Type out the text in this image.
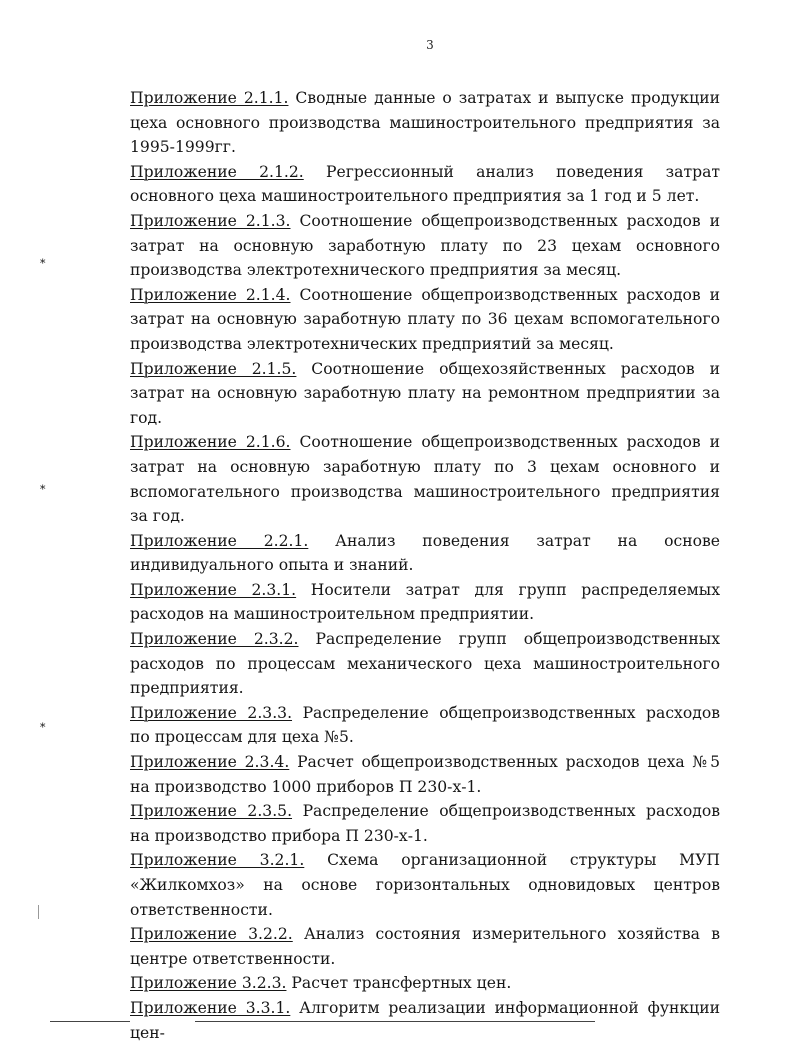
3

Приложение 2.1.1. Сводные данные о затратах и выпуске продукции цеха основного производства машиностроительного предприятия за 1995-1999гг.

Приложение 2.1.2. Регрессионный анализ поведения затрат основного цеха машиностроительного предприятия за 1 год и 5 лет.

Приложение 2.1.3. Соотношение общепроизводственных расходов и затрат на основную заработную плату по 23 цехам основного производства электротехнического предприятия за месяц.

Приложение 2.1.4. Соотношение общепроизводственных расходов и затрат на основную заработную плату по 36 цехам вспомогательного производства электротехнических предприятий за месяц.

Приложение 2.1.5. Соотношение общехозяйственных расходов и затрат на основную заработную плату на ремонтном предприятии за год.

Приложение 2.1.6. Соотношение общепроизводственных расходов и затрат на основную заработную плату по 3 цехам основного и вспомогательного производства машиностроительного предприятия за год.

Приложение 2.2.1. Анализ поведения затрат на основе индивидуального опыта и знаний.

Приложение 2.3.1. Носители затрат для групп распределяемых расходов на машиностроительном предприятии.

Приложение 2.3.2. Распределение групп общепроизводственных расходов по процессам механического цеха машиностроительного предприятия.

Приложение 2.3.3. Распределение общепроизводственных расходов по процессам для цеха №5.

Приложение 2.3.4. Расчет общепроизводственных расходов цеха №5 на производство 1000 приборов П 230-х-1.

Приложение 2.3.5. Распределение общепроизводственных расходов на производство прибора П 230-х-1.

Приложение 3.2.1. Схема организационной структуры МУП «Жилкомхоз» на основе горизонтальных одновидовых центров ответственности.

Приложение 3.2.2. Анализ состояния измерительного хозяйства в центре ответственности.

Приложение 3.2.3. Расчет трансфертных цен.

Приложение 3.3.1. Алгоритм реализации информационной функции цен-

*
*
*
